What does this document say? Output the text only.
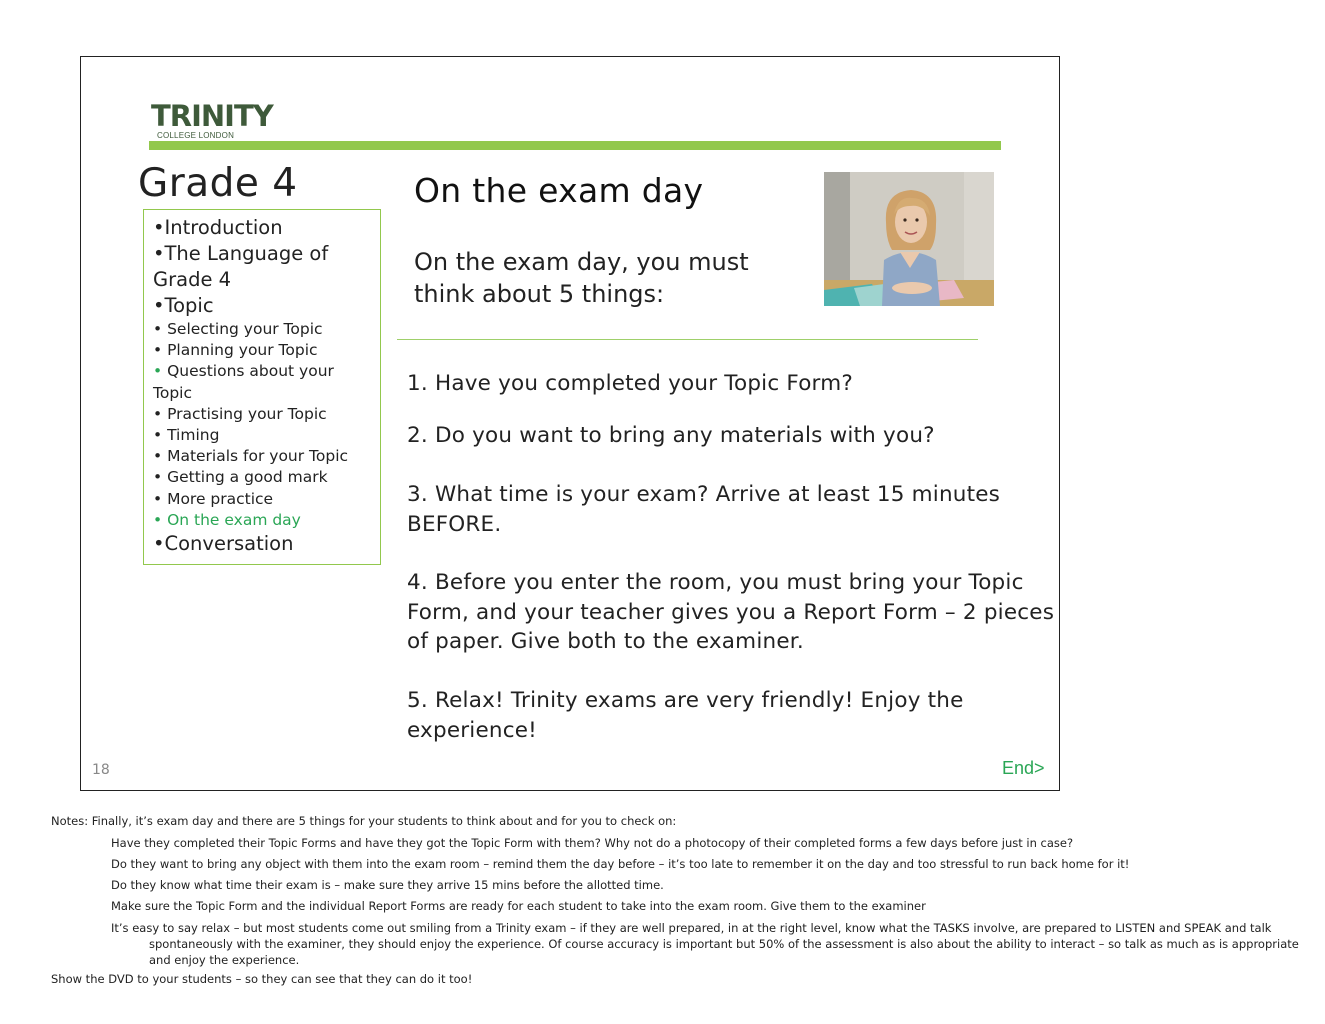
TRINITY
COLLEGE LONDON
Grade 4
•Introduction
•The Language of Grade 4
•Topic
• Selecting your Topic
• Planning your Topic
• Questions about your Topic
• Practising your Topic
• Timing
• Materials for your Topic
• Getting a good mark
• More practice
• On the exam day
•Conversation
On the exam day
On the exam day, you must think about 5 things:
1. Have you completed your Topic Form?
2. Do you want to bring any materials with you?
3. What time is your exam? Arrive at least 15 minutes BEFORE.
4. Before you enter the room, you must bring your Topic Form, and your teacher gives you a Report Form – 2 pieces of paper. Give both to the examiner.
5. Relax! Trinity exams are very friendly! Enjoy the experience!
18	End>
Notes: Finally, it’s exam day and there are 5 things for your students to think about and for you to check on:
Have they completed their Topic Forms and have they got the Topic Form with them? Why not do a photocopy of their completed forms a few days before just in case?
Do they want to bring any object with them into the exam room – remind them the day before – it’s too late to remember it on the day and too stressful to run back home for it!
Do they know what time their exam is – make sure they arrive 15 mins before the allotted time.
Make sure the Topic Form and the individual Report Forms are ready for each student to take into the exam room. Give them to the examiner
It’s easy to say relax – but most students come out smiling from a Trinity exam – if they are well prepared, in at the right level, know what the TASKS involve, are prepared to LISTEN and SPEAK and talk spontaneously with the examiner, they should enjoy the experience. Of course accuracy is important but 50% of the assessment is also about the ability to interact – so talk as much as is appropriate and enjoy the experience.
Show the DVD to your students – so they can see that they can do it too!
